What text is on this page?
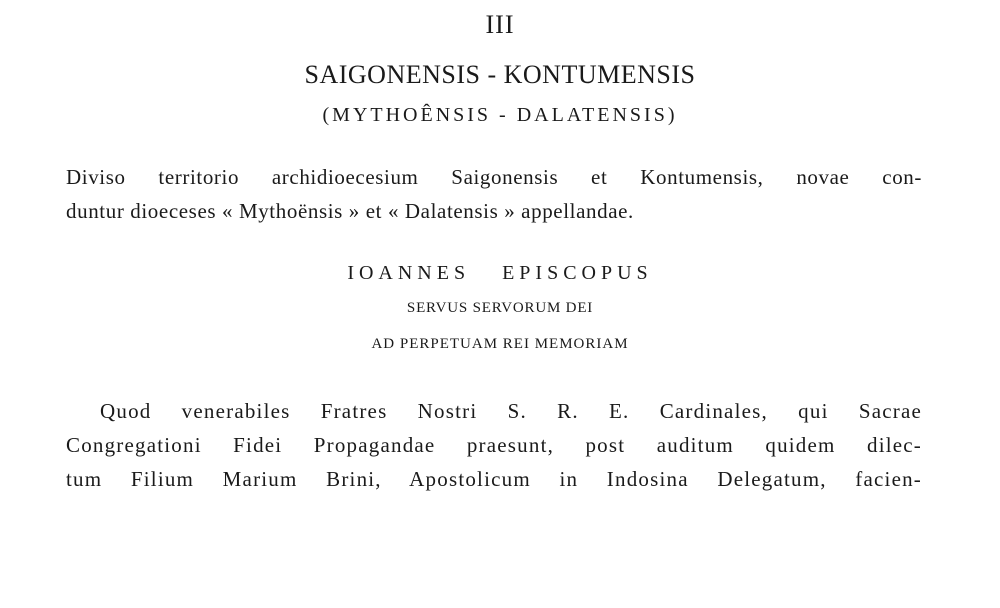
III
SAIGONENSIS - KONTUMENSIS
(MYTHOÊNSIS - DALATENSIS)
Diviso territorio archidioecesium Saigonensis et Kontumensis, novae con-
duntur dioeceses « Mythoënsis » et « Dalatensis » appellandae.
IOANNES EPISCOPUS
SERVUS SERVORUM DEI
AD PERPETUAM REI MEMORIAM
Quod venerabiles Fratres Nostri S. R. E. Cardinales, qui Sacrae
Congregationi Fidei Propagandae praesunt, post auditum quidem dilec-
tum Filium Marium Brini, Apostolicum in Indosina Delegatum, facien-
